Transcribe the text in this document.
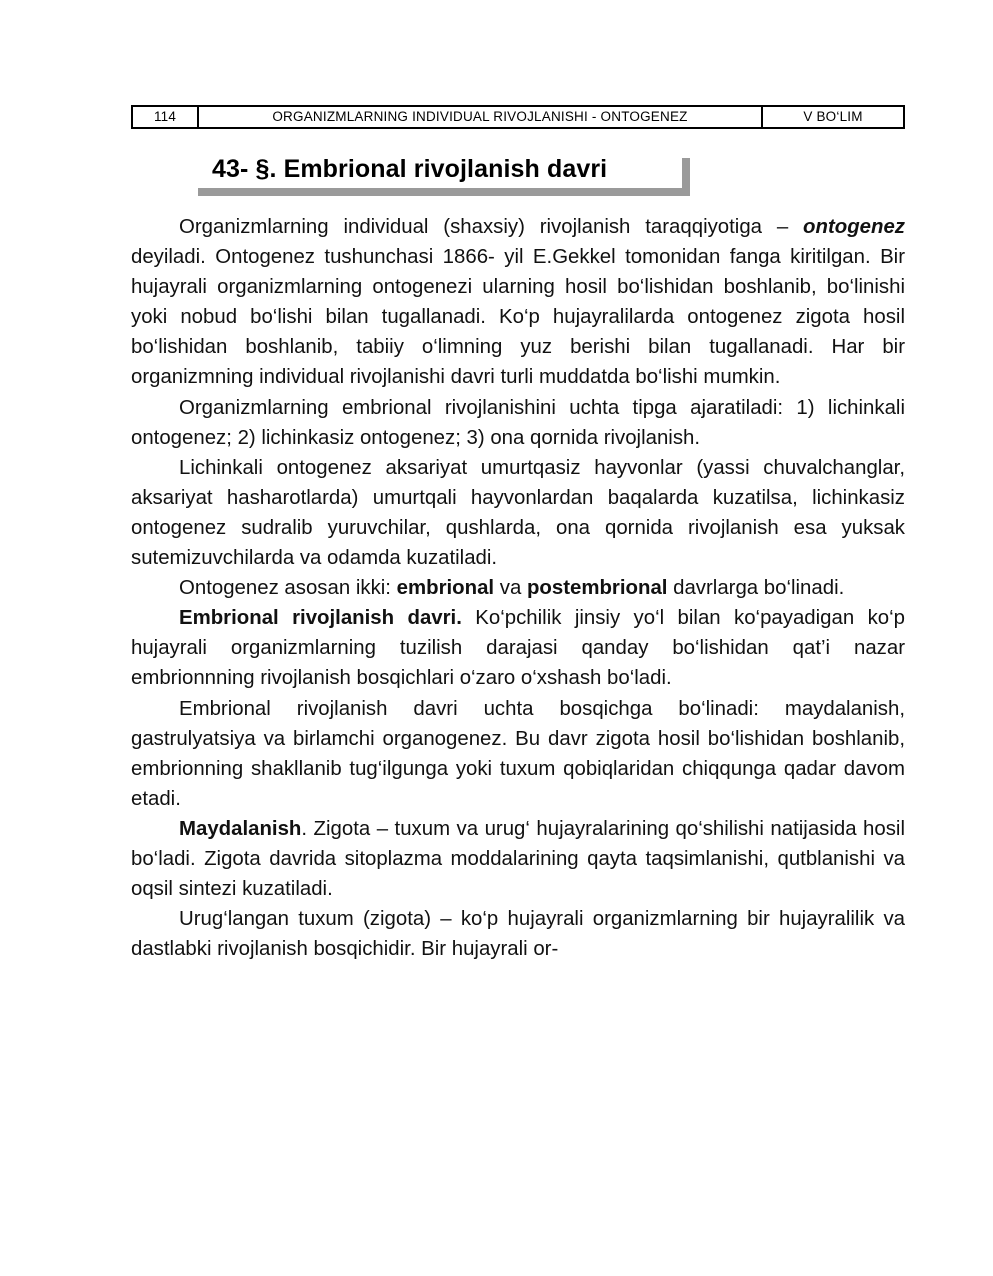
114	ORGANIZMLARNING INDIVIDUAL RIVOJLANISHI - ONTOGENEZ	V BO‘LIM
43- §. Embrional rivojlanish davri

Organizmlarning individual (shaxsiy) rivojlanish taraqqiyotiga – ontogenez deyiladi. Ontogenez tushunchasi 1866- yil E.Gekkel tomonidan fanga kiritilgan. Bir hujayrali organizmlarning ontogenezi ularning hosil bo‘lishidan boshlanib, bo‘linishi yoki nobud bo‘lishi bilan tugallanadi. Ko‘p hujayralilarda ontogenez zigota hosil bo‘lishidan boshlanib, tabiiy o‘limning yuz berishi bilan tugallanadi. Har bir organizmning individual rivojlanishi davri turli muddatda bo‘lishi mumkin.

Organizmlarning embrional rivojlanishini uchta tipga ajaratiladi: 1) lichinkali ontogenez; 2) lichinkasiz ontogenez; 3) ona qornida rivojlanish.

Lichinkali ontogenez aksariyat umurtqasiz hayvonlar (yassi chuvalchanglar, aksariyat hasharotlarda) umurtqali hayvonlardan baqalarda kuzatilsa, lichinkasiz ontogenez sudralib yuruvchilar, qushlarda, ona qornida rivojlanish esa yuksak sutemizuvchilarda va odamda kuzatiladi.

Ontogenez asosan ikki: embrional va postembrional davrlarga bo‘linadi.

Embrional rivojlanish davri. Ko‘pchilik jinsiy yo‘l bilan ko‘payadigan ko‘p hujayrali organizmlarning tuzilish darajasi qanday bo‘lishidan qat’i nazar embrionnning rivojlanish bosqichlari o‘zaro o‘xshash bo‘ladi.

Embrional rivojlanish davri uchta bosqichga bo‘linadi: maydalanish, gastrulyatsiya va birlamchi organogenez. Bu davr zigota hosil bo‘lishidan boshlanib, embrionning shakllanib tug‘ilgunga yoki tuxum qobiqlaridan chiqqunga qadar davom etadi.

Maydalanish. Zigota – tuxum va urug‘ hujayralarining qo‘shilishi natijasida hosil bo‘ladi. Zigota davrida sitoplazma moddalarining qayta taqsimlanishi, qutblanishi va oqsil sintezi kuzatiladi.

Urug‘langan tuxum (zigota) – ko‘p hujayrali organizmlarning bir hujayralilik va dastlabki rivojlanish bosqichidir. Bir hujayrali or-
